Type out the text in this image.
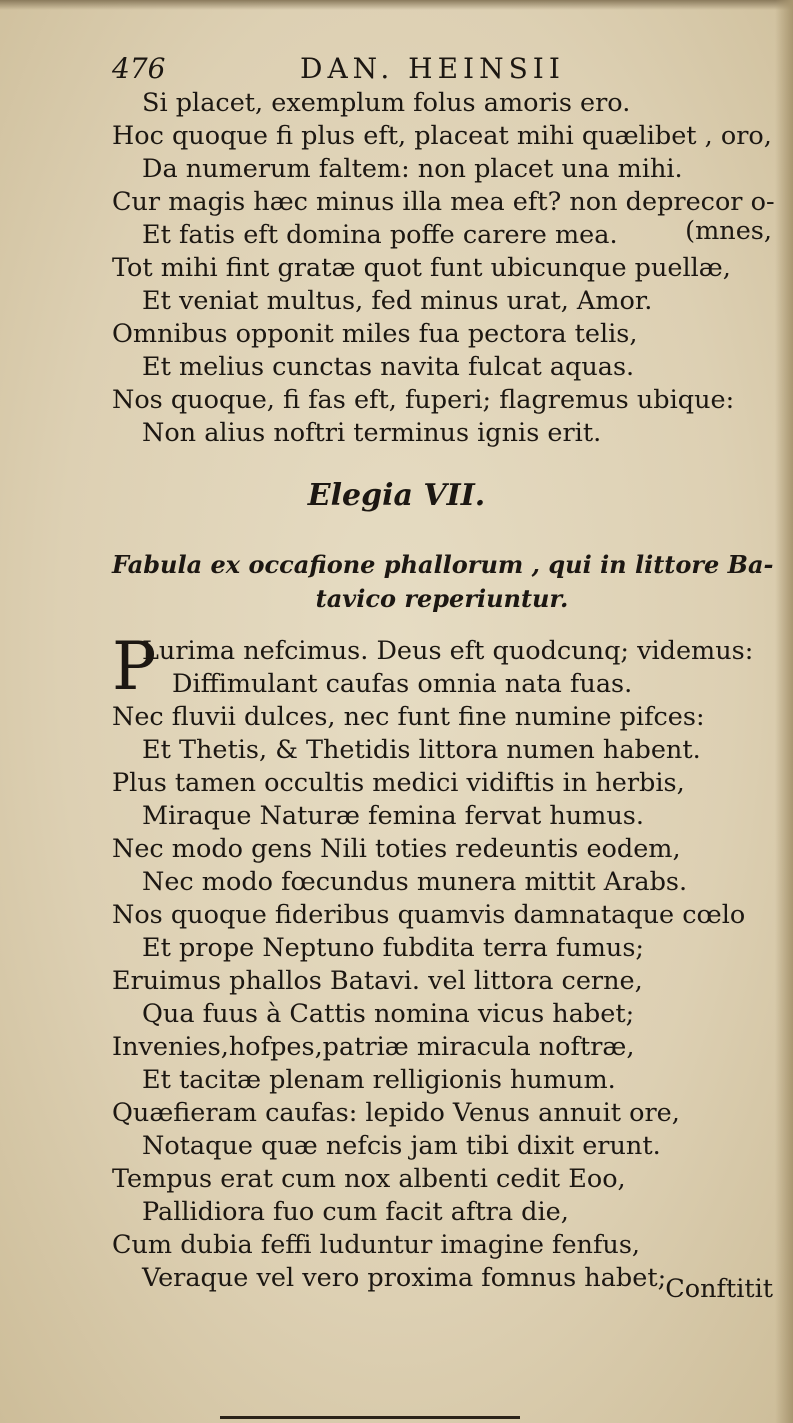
476	DAN. HEINSII
Si placet, exemplum folus amoris ero.
Hoc quoque fi plus eft, placeat mihi quælibet , oro,
Da numerum faltem: non placet una mihi.
Cur magis hæc minus illa mea eft? non deprecor o-
Et fatis eft domina poffe carere mea.	(mnes,
Tot mihi fint gratæ quot funt ubicunque puellæ,
Et veniat multus, fed minus urat, Amor.
Omnibus opponit miles fua pectora telis,
Et melius cunctas navita fulcat aquas.
Nos quoque, fi fas eft, fuperi; flagremus ubique:
Non alius noftri terminus ignis erit.
Elegia VII.
Fabula ex occafione phallorum , qui in littore Ba-
tavico reperiuntur.
P
Lurima nefcimus. Deus eft quodcunq; videmus:
Diffimulant caufas omnia nata fuas.
Nec fluvii dulces, nec funt fine numine pifces:
Et Thetis, & Thetidis littora numen habent.
Plus tamen occultis medici vidiftis in herbis,
Miraque Naturæ femina fervat humus.
Nec modo gens Nili toties redeuntis eodem,
Nec modo fœcundus munera mittit Arabs.
Nos quoque fideribus quamvis damnataque cœlo
Et prope Neptuno fubdita terra fumus;
Eruimus phallos Batavi. vel littora cerne,
Qua fuus à Cattis nomina vicus habet;
Invenies,hofpes,patriæ miracula noftræ,
Et tacitæ plenam relligionis humum.
Quæfieram caufas: lepido Venus annuit ore,
Notaque quæ nefcis jam tibi dixit erunt.
Tempus erat cum nox albenti cedit Eoo,
Pallidiora fuo cum facit aftra die,
Cum dubia feffi luduntur imagine fenfus,
Veraque vel vero proxima fomnus habet; Conftitit
